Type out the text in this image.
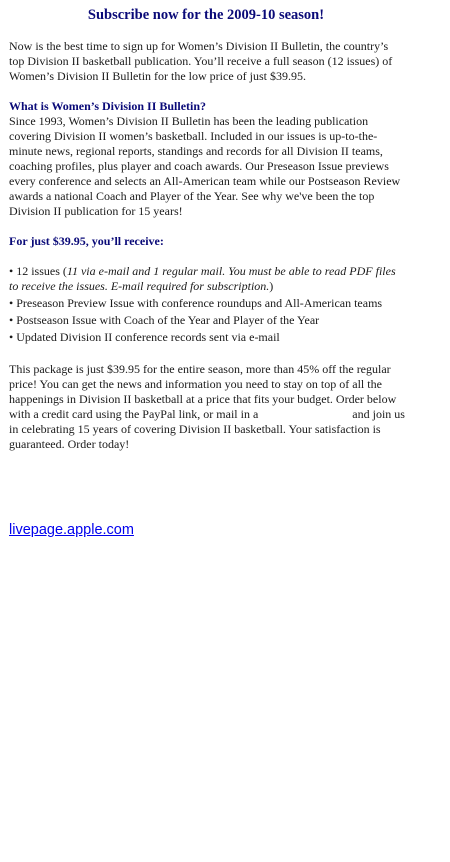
Subscribe now for the 2009-10 season!
Now is the best time to sign up for Women’s Division II Bulletin, the country’s top Division II basketball publication. You’ll receive a full season (12 issues) of Women’s Division II Bulletin for the low price of just $39.95.
What is Women’s Division II Bulletin?
Since 1993, Women’s Division II Bulletin has been the leading publication covering Division II women’s basketball. Included in our issues is up-to-the-minute news, regional reports, standings and records for all Division II teams, coaching profiles, plus player and coach awards. Our Preseason Issue previews every conference and selects an All-American team while our Postseason Review awards a national Coach and Player of the Year. See why we've been the top Division II publication for 15 years!
For just $39.95, you’ll receive:
• 12 issues (11 via e-mail and 1 regular mail. You must be able to read PDF files to receive the issues. E-mail required for subscription.)
• Preseason Preview Issue with conference roundups and All-American teams
• Postseason Issue with Coach of the Year and Player of the Year
• Updated Division II conference records sent via e-mail
This package is just $39.95 for the entire season, more than 45% off the regular price! You can get the news and information you need to stay on top of all the happenings in Division II basketball at a price that fits your budget. Order below with a credit card using the PayPal link, or mail in a	and join us in celebrating 15 years of covering Division II basketball. Your satisfaction is guaranteed. Order today!
livepage.apple.com
